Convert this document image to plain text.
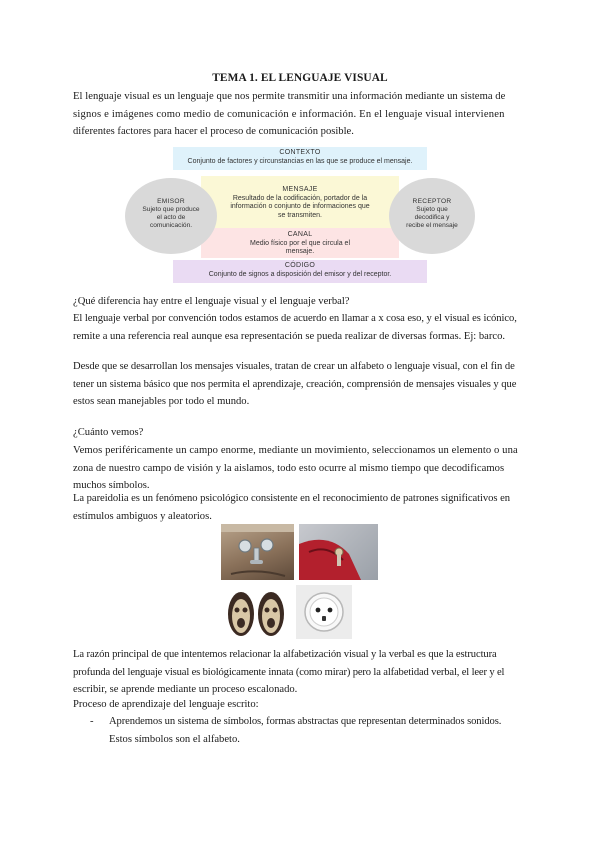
TEMA 1. EL LENGUAJE VISUAL
El lenguaje visual es un lenguaje que nos permite transmitir una información mediante un sistema de
signos e imágenes como medio de comunicación e información. En el lenguaje visual intervienen
diferentes factores para hacer el proceso de comunicación posible.
CONTEXTO
Conjunto de factores y circunstancias en las que se produce el mensaje.
MENSAJE
Resultado de la codificación, portador de la
información o conjunto de informaciones que
se transmiten.
CANAL
Medio físico por el que circula el
mensaje.
CÓDIGO
Conjunto de signos a disposición del emisor y del receptor.
EMISOR
Sujeto que produce
el acto de
comunicación.
RECEPTOR
Sujeto que
decodifica y
recibe el mensaje
¿Qué diferencia hay entre el lenguaje visual y el lenguaje verbal?
El lenguaje verbal por convención todos estamos de acuerdo en llamar a x cosa eso, y el visual es icónico,
remite a una referencia real aunque esa representación se pueda realizar de diversas formas. Ej: barco.
Desde que se desarrollan los mensajes visuales, tratan de crear un alfabeto o lenguaje visual, con el fin de
tener un sistema básico que nos permita el aprendizaje, creación, comprensión de mensajes visuales y que
estos sean manejables por todo el mundo.
¿Cuánto vemos?
Vemos periféricamente un campo enorme, mediante un movimiento, seleccionamos un elemento o una
zona de nuestro campo de visión y la aislamos, todo esto ocurre al mismo tiempo que decodificamos
muchos símbolos.
La pareidolia es un fenómeno psicológico consistente en el reconocimiento de patrones significativos en
estímulos ambiguos y aleatorios.
La razón principal de que intentemos relacionar la alfabetización visual y la verbal es que la estructura
profunda del lenguaje visual es biológicamente innata (como mirar) pero la alfabetidad verbal, el leer y el
escribir, se aprende mediante un proceso escalonado.
Proceso de aprendizaje del lenguaje escrito:
- Aprendemos un sistema de símbolos, formas abstractas que representan determinados sonidos.
Estos símbolos son el alfabeto.
